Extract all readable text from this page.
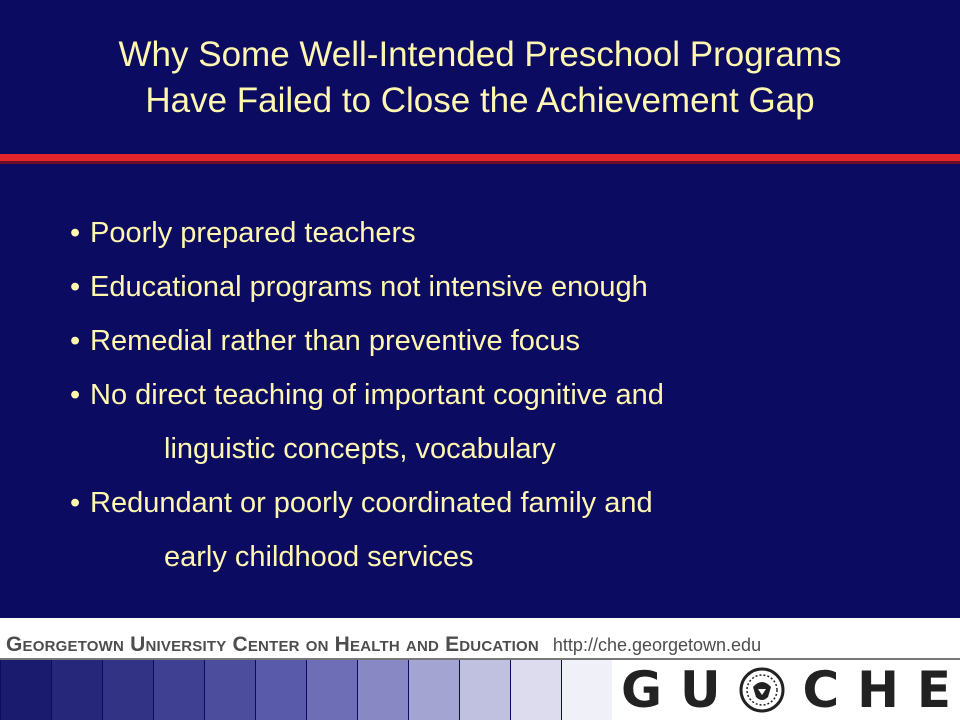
Why Some Well-Intended Preschool Programs
Have Failed to Close the Achievement Gap
• Poorly prepared teachers
• Educational programs not intensive enough
• Remedial rather than preventive focus
• No direct teaching of important cognitive and
linguistic concepts, vocabulary
• Redundant or poorly coordinated family and
early childhood services
Georgetown University Center on Health and Education http://che.georgetown.edu
G U C H E
